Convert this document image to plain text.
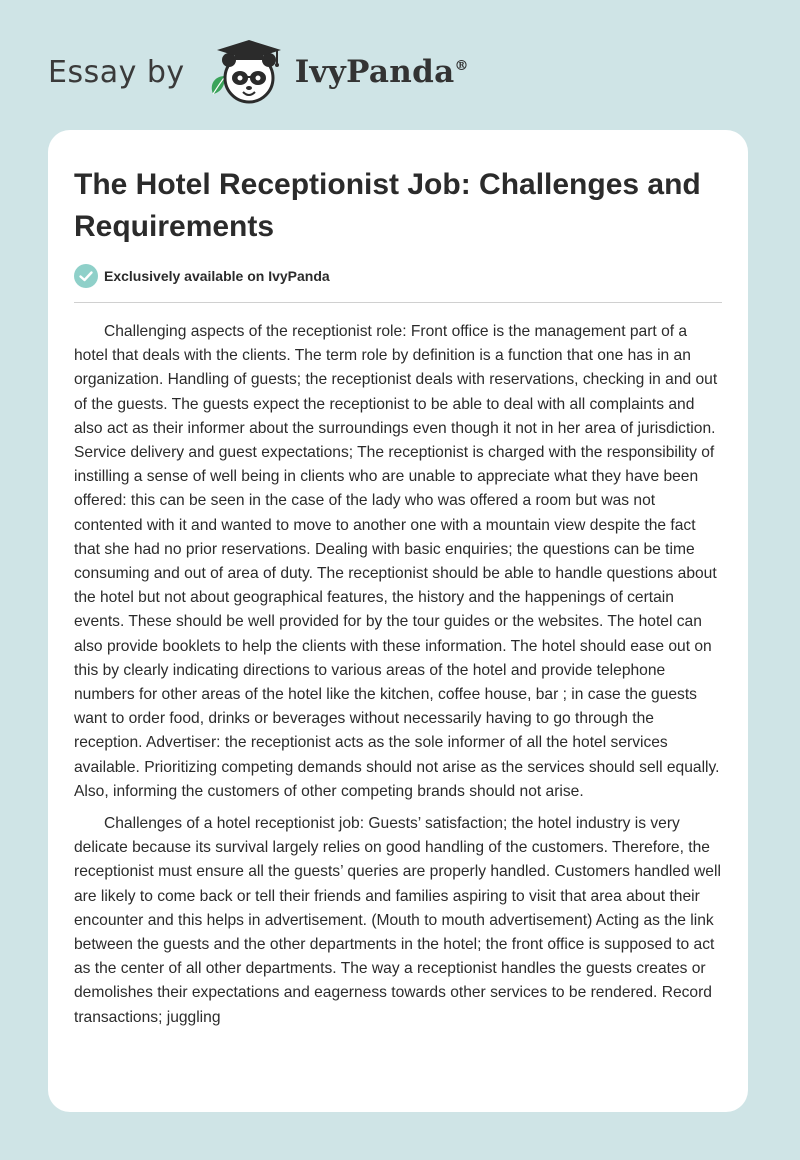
Essay by	IvyPanda®
The Hotel Receptionist Job: Challenges and Requirements
Exclusively available on IvyPanda

Challenging aspects of the receptionist role: Front office is the management part of a hotel that deals with the clients. The term role by definition is a function that one has in an organization. Handling of guests; the receptionist deals with reservations, checking in and out of the guests. The guests expect the receptionist to be able to deal with all complaints and also act as their informer about the surroundings even though it not in her area of jurisdiction. Service delivery and guest expectations; The receptionist is charged with the responsibility of instilling a sense of well being in clients who are unable to appreciate what they have been offered: this can be seen in the case of the lady who was offered a room but was not contented with it and wanted to move to another one with a mountain view despite the fact that she had no prior reservations. Dealing with basic enquiries; the questions can be time consuming and out of area of duty. The receptionist should be able to handle questions about the hotel but not about geographical features, the history and the happenings of certain events. These should be well provided for by the tour guides or the websites. The hotel can also provide booklets to help the clients with these information. The hotel should ease out on this by clearly indicating directions to various areas of the hotel and provide telephone numbers for other areas of the hotel like the kitchen, coffee house, bar ; in case the guests want to order food, drinks or beverages without necessarily having to go through the reception. Advertiser: the receptionist acts as the sole informer of all the hotel services available. Prioritizing competing demands should not arise as the services should sell equally. Also, informing the customers of other competing brands should not arise.

Challenges of a hotel receptionist job: Guests’ satisfaction; the hotel industry is very delicate because its survival largely relies on good handling of the customers. Therefore, the receptionist must ensure all the guests’ queries are properly handled. Customers handled well are likely to come back or tell their friends and families aspiring to visit that area about their encounter and this helps in advertisement. (Mouth to mouth advertisement) Acting as the link between the guests and the other departments in the hotel; the front office is supposed to act as the center of all other departments. The way a receptionist handles the guests creates or demolishes their expectations and eagerness towards other services to be rendered. Record transactions; juggling
